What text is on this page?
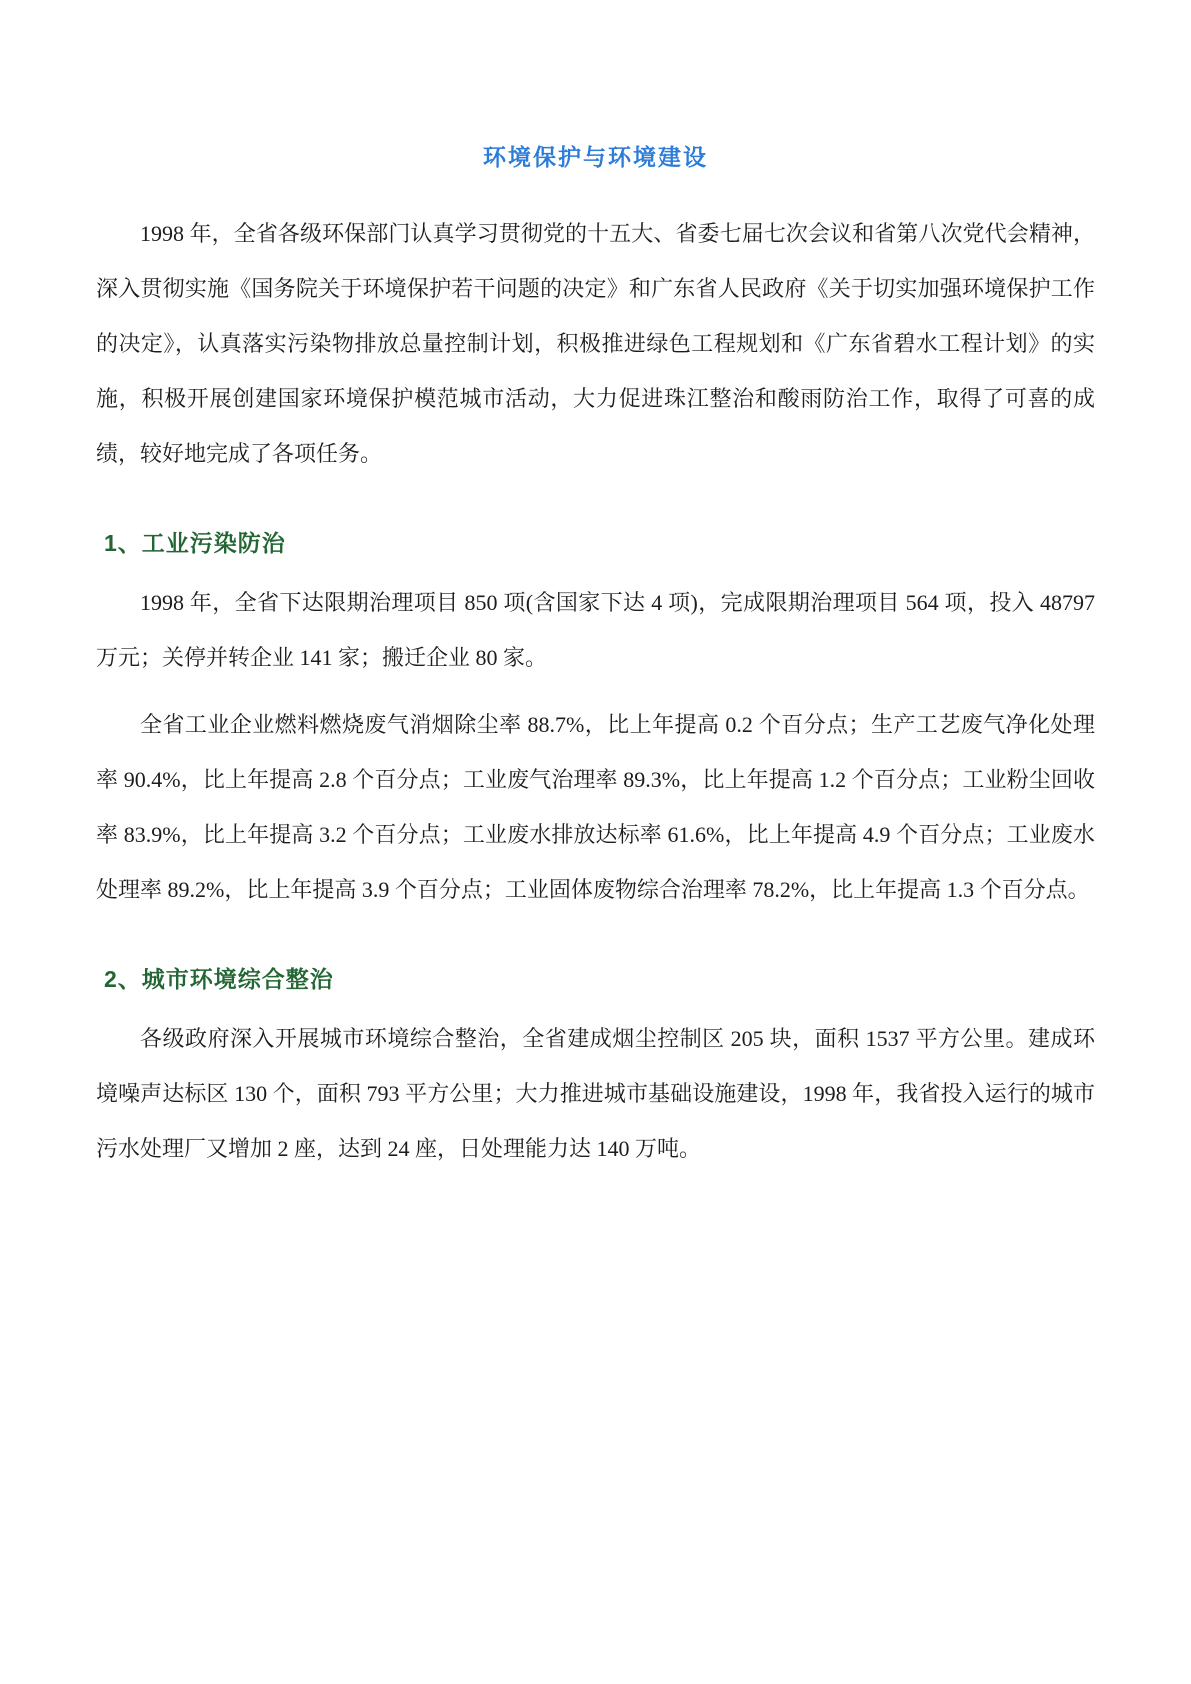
环境保护与环境建设

1998 年，全省各级环保部门认真学习贯彻党的十五大、省委七届七次会议和省第八次党代会精神，深入贯彻实施《国务院关于环境保护若干问题的决定》和广东省人民政府《关于切实加强环境保护工作的决定》，认真落实污染物排放总量控制计划，积极推进绿色工程规划和《广东省碧水工程计划》的实施，积极开展创建国家环境保护模范城市活动，大力促进珠江整治和酸雨防治工作，取得了可喜的成绩，较好地完成了各项任务。

1、工业污染防治

1998 年，全省下达限期治理项目 850 项(含国家下达 4 项)，完成限期治理项目 564 项，投入 48797 万元；关停并转企业 141 家；搬迁企业 80 家。

全省工业企业燃料燃烧废气消烟除尘率 88.7%，比上年提高 0.2 个百分点；生产工艺废气净化处理率 90.4%，比上年提高 2.8 个百分点；工业废气治理率 89.3%，比上年提高 1.2 个百分点；工业粉尘回收率 83.9%，比上年提高 3.2 个百分点；工业废水排放达标率 61.6%，比上年提高 4.9 个百分点；工业废水处理率 89.2%，比上年提高 3.9 个百分点；工业固体废物综合治理率 78.2%，比上年提高 1.3 个百分点。

2、城市环境综合整治

各级政府深入开展城市环境综合整治，全省建成烟尘控制区 205 块，面积 1537 平方公里。建成环境噪声达标区 130 个，面积 793 平方公里；大力推进城市基础设施建设，1998 年，我省投入运行的城市污水处理厂又增加 2 座，达到 24 座，日处理能力达 140 万吨。
